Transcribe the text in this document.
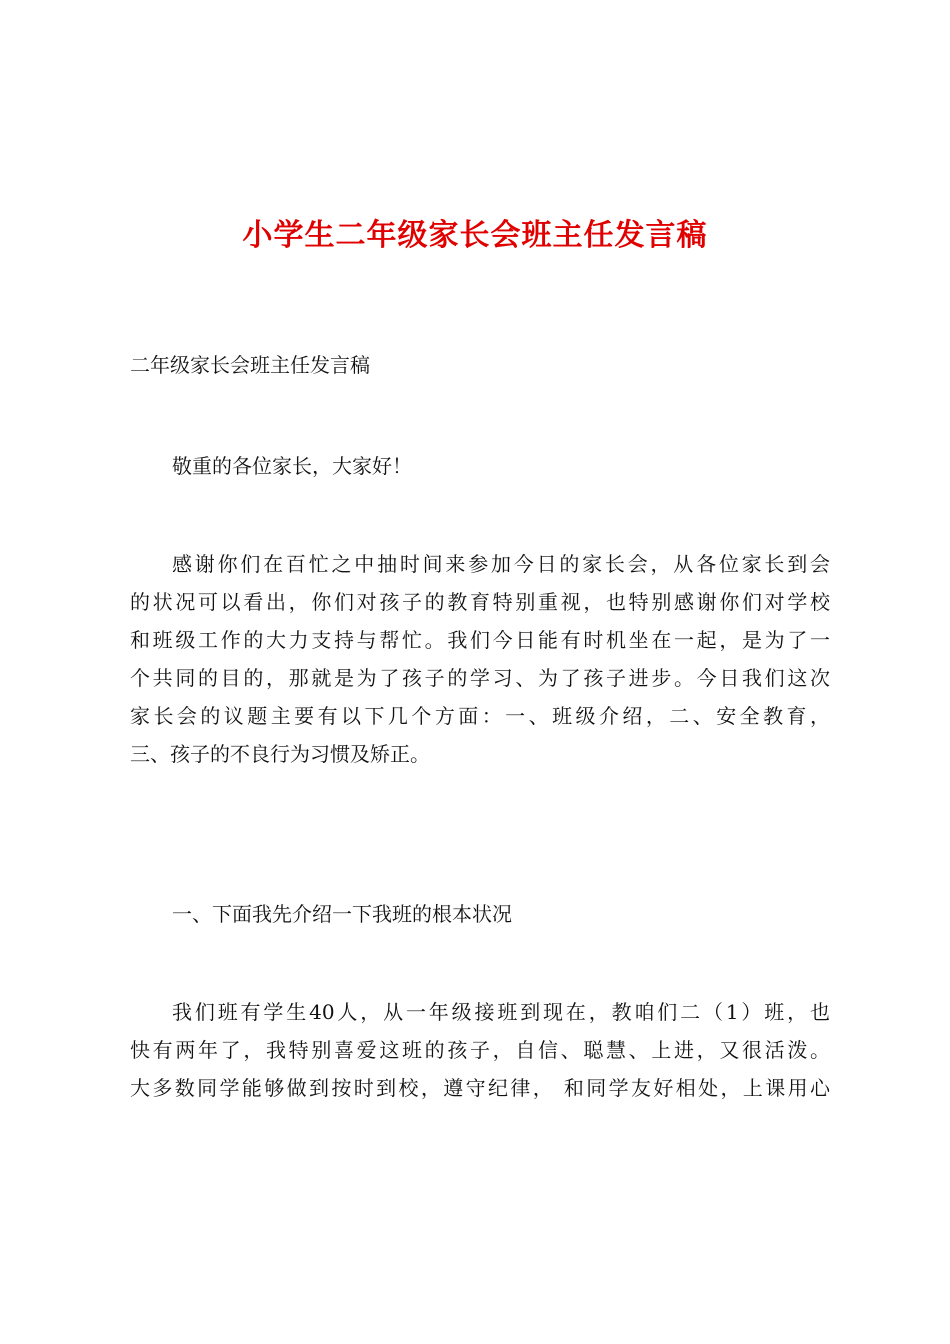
小学生二年级家长会班主任发言稿
二年级家长会班主任发言稿
敬重的各位家长，大家好！
感谢你们在百忙之中抽时间来参加今日的家长会，从各位家长到会
的状况可以看出，你们对孩子的教育特别重视，也特别感谢你们对学校
和班级工作的大力支持与帮忙。我们今日能有时机坐在一起，是为了一
个共同的目的，那就是为了孩子的学习、为了孩子进步。今日我们这次
家长会的议题主要有以下几个方面：一、班级介绍，二、安全教育，
三、孩子的不良行为习惯及矫正。
一、下面我先介绍一下我班的根本状况
我们班有学生40人，从一年级接班到现在，教咱们二（1）班，也
快有两年了，我特别喜爱这班的孩子，自信、聪慧、上进，又很活泼。
大多数同学能够做到按时到校，遵守纪律， 和同学友好相处，上课用心
